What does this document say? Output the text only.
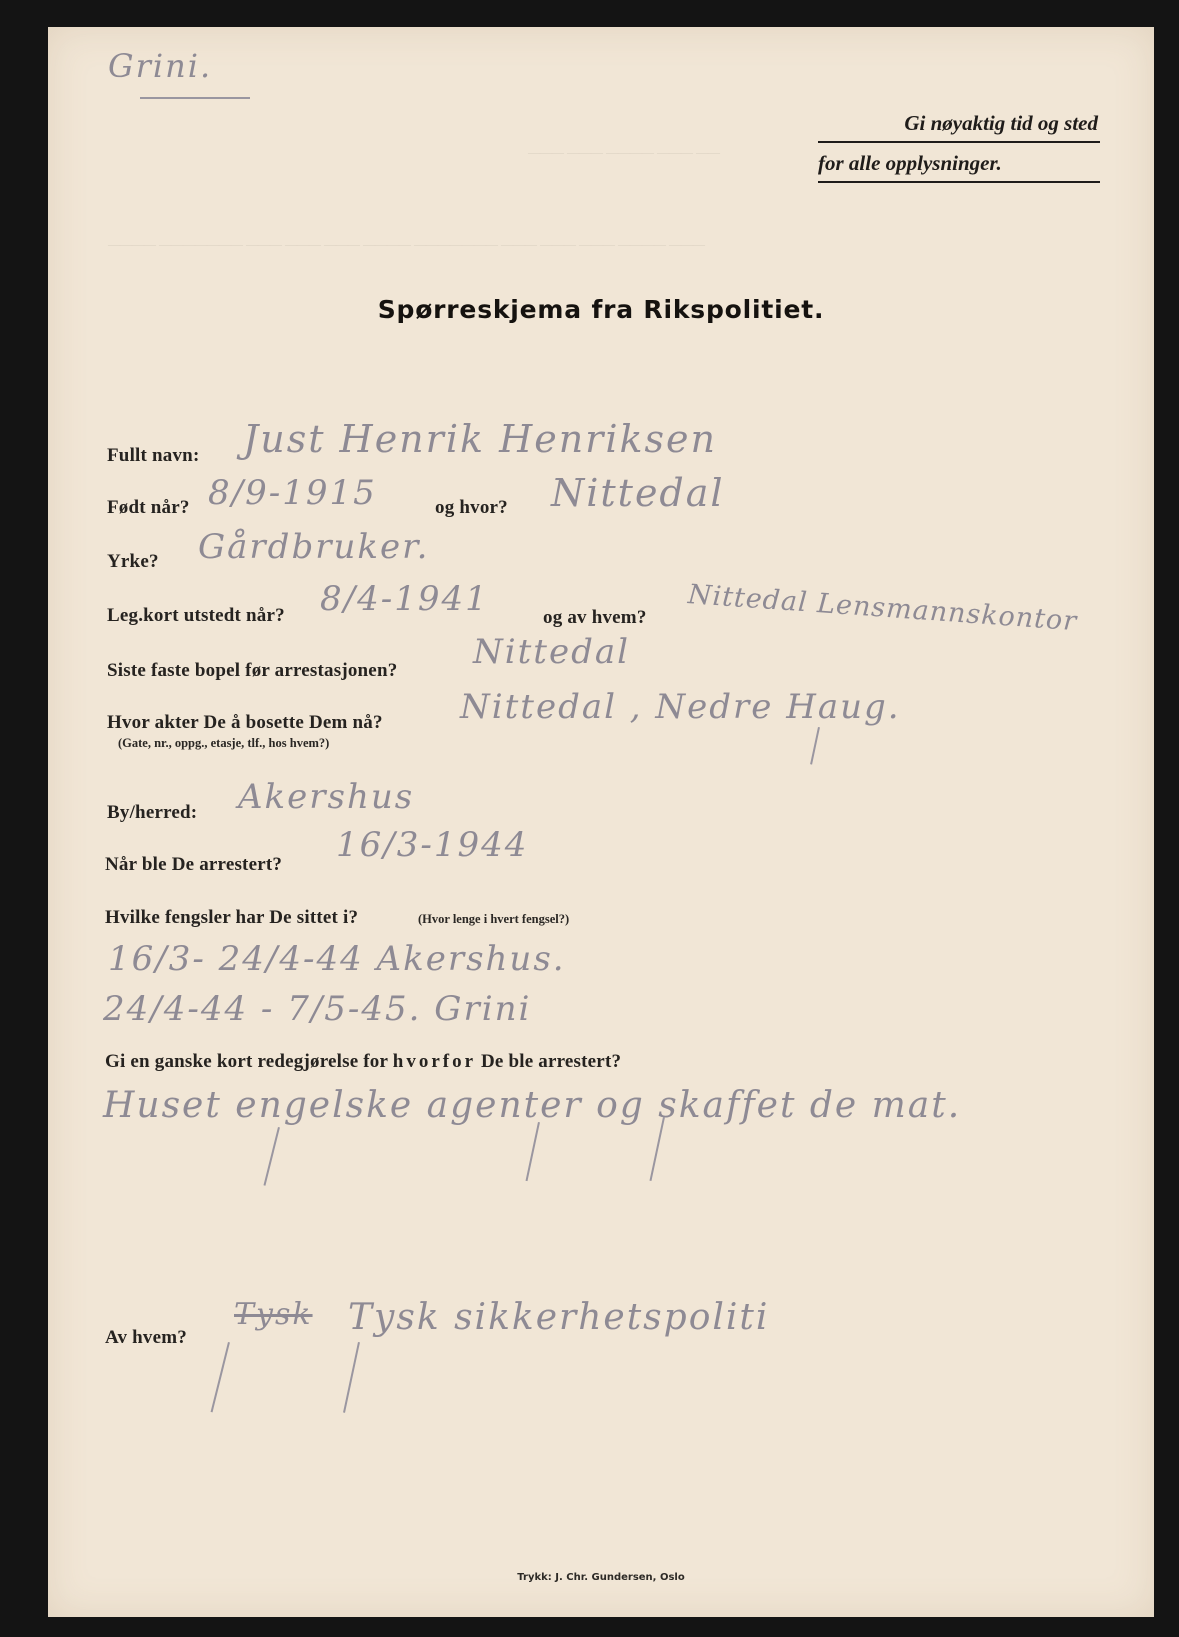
——— ——— ———— ——— ——
———— ——————— ——— ——— ——— ———— ——————— ——— ——— ——— ———— ———
Grini.
Gi nøyaktig tid og sted
for alle opplysninger.
Spørreskjema fra Rikspolitiet.
Fullt navn: Just Henrik Henriksen
Født når? 8/9-1915	og hvor? Nittedal
Yrke? Gårdbruker.
Leg.kort utstedt når? 8/4-1941	og av hvem? Nittedal Lensmannskontor
Siste faste bopel før arrestasjonen? Nittedal
Hvor akter De å bosette Dem nå?
(Gate, nr., oppg., etasje, tlf., hos hvem?)
Nittedal , Nedre Haug.
By/herred: Akershus
Når ble De arrestert? 16/3-1944
Hvilke fengsler har De sittet i?	(Hvor lenge i hvert fengsel?)
16/3- 24/4-44 Akershus.
24/4-44 - 7/5-45. Grini
Gi en ganske kort redegjørelse for hvorfor De ble arrestert?
Huset engelske agenter og skaffet de mat.
Av hvem?
Tysk Tysk sikkerhetspoliti
Trykk: J. Chr. Gundersen, Oslo
